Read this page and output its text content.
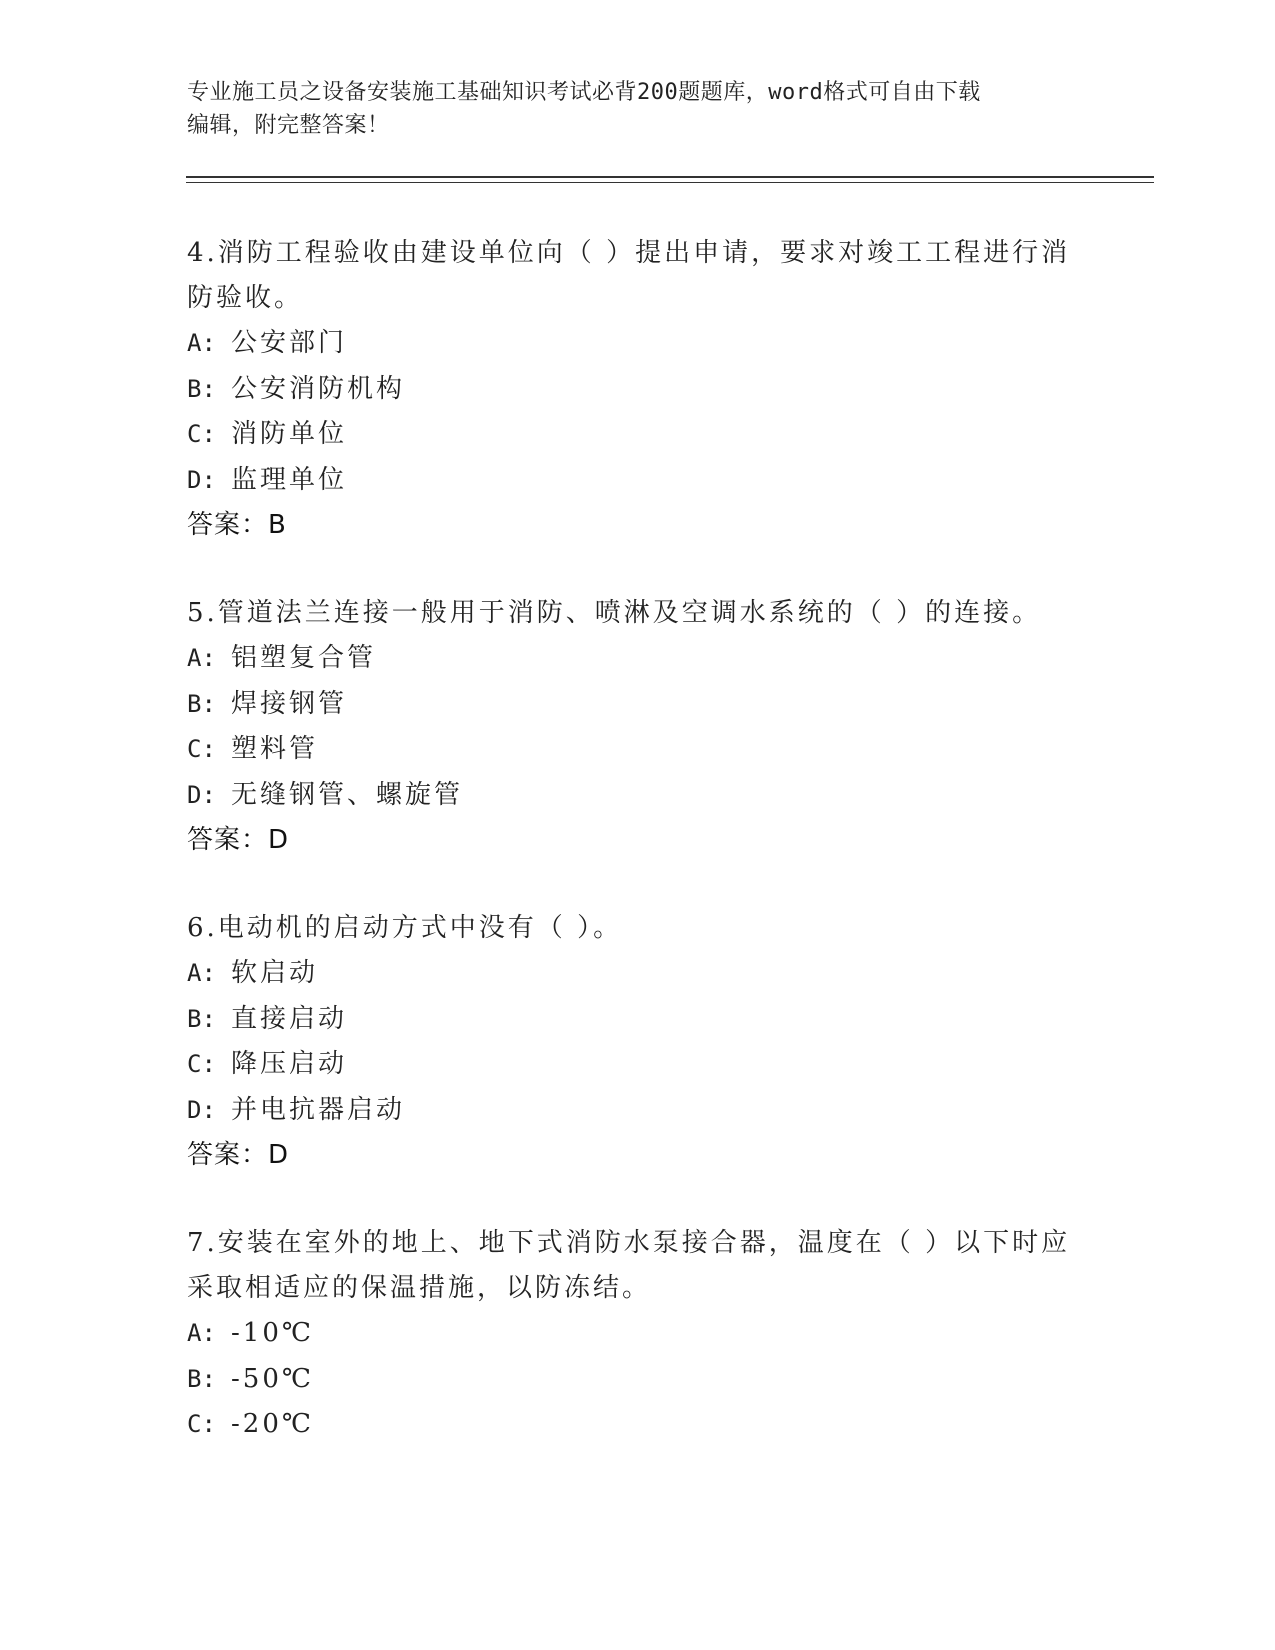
专业施工员之设备安装施工基础知识考试必背200题题库，word格式可自由下载
编辑，附完整答案！

4.消防工程验收由建设单位向（ ）提出申请，要求对竣工工程进行消

防验收。

A: 公安部门
B: 公安消防机构
C: 消防单位
D: 监理单位

答案：B

5.管道法兰连接一般用于消防、喷淋及空调水系统的（ ）的连接。

A: 铝塑复合管
B: 焊接钢管
C: 塑料管
D: 无缝钢管、螺旋管

答案：D

6.电动机的启动方式中没有（ ）。

A: 软启动
B: 直接启动
C: 降压启动
D: 并电抗器启动

答案：D

7.安装在室外的地上、地下式消防水泵接合器，温度在（ ）以下时应

采取相适应的保温措施，以防冻结。

A: -10℃
B: -50℃
C: -20℃
